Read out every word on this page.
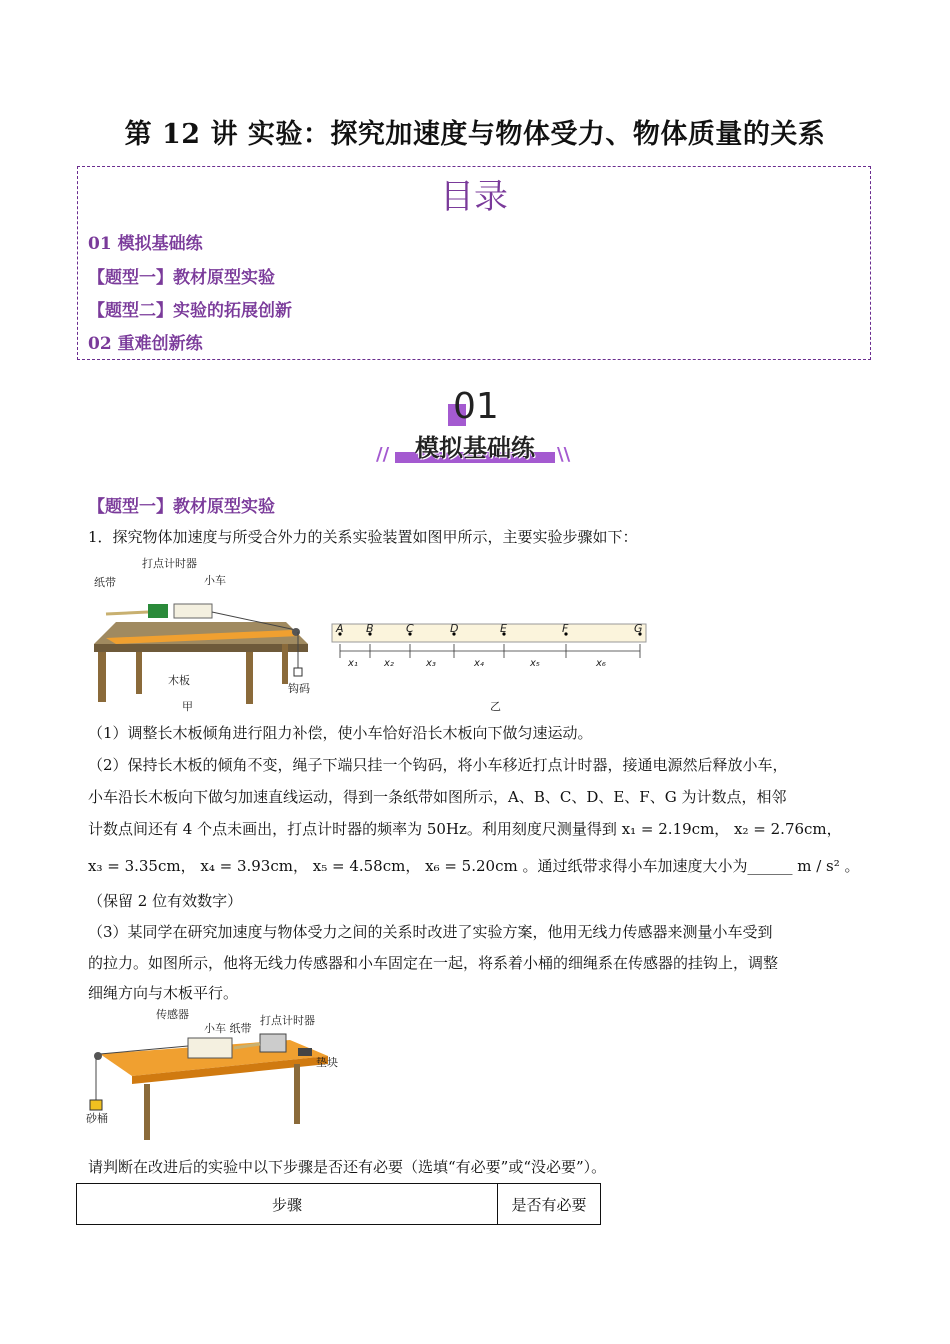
第 12 讲 实验：探究加速度与物体受力、物体质量的关系
目录
01 模拟基础练
【题型一】教材原型实验
【题型二】实验的拓展创新
02 重难创新练
01
模拟基础练
//	\\
【题型一】教材原型实验
1．探究物体加速度与所受合外力的关系实验装置如图甲所示，主要实验步骤如下：
纸带
打点计时器
小车
木板
钩码
甲
A B	C	D	E	F	G
x₁	x₂	x₃	x₄	x₅	x₆
乙
（1）调整长木板倾角进行阻力补偿，使小车恰好沿长木板向下做匀速运动。
（2）保持长木板的倾角不变，绳子下端只挂一个钩码，将小车移近打点计时器，接通电源然后释放小车，
小车沿长木板向下做匀加速直线运动，得到一条纸带如图所示，A、B、C、D、E、F、G 为计数点，相邻
计数点间还有 4 个点未画出，打点计时器的频率为 50Hz。利用刻度尺测量得到 x₁ = 2.19cm， x₂ = 2.76cm，
x₃ = 3.35cm， x₄ = 3.93cm， x₅ = 4.58cm， x₆ = 5.20cm 。通过纸带求得小车加速度大小为______ m / s² 。
（保留 2 位有效数字）
（3）某同学在研究加速度与物体受力之间的关系时改进了实验方案，他用无线力传感器来测量小车受到
的拉力。如图所示，他将无线力传感器和小车固定在一起，将系着小桶的细绳系在传感器的挂钩上，调整
细绳方向与木板平行。
传感器
小车 纸带
打点计时器
垫块
砂桶
请判断在改进后的实验中以下步骤是否还有必要（选填“有必要”或“没必要”）。
步骤	是否有必要
